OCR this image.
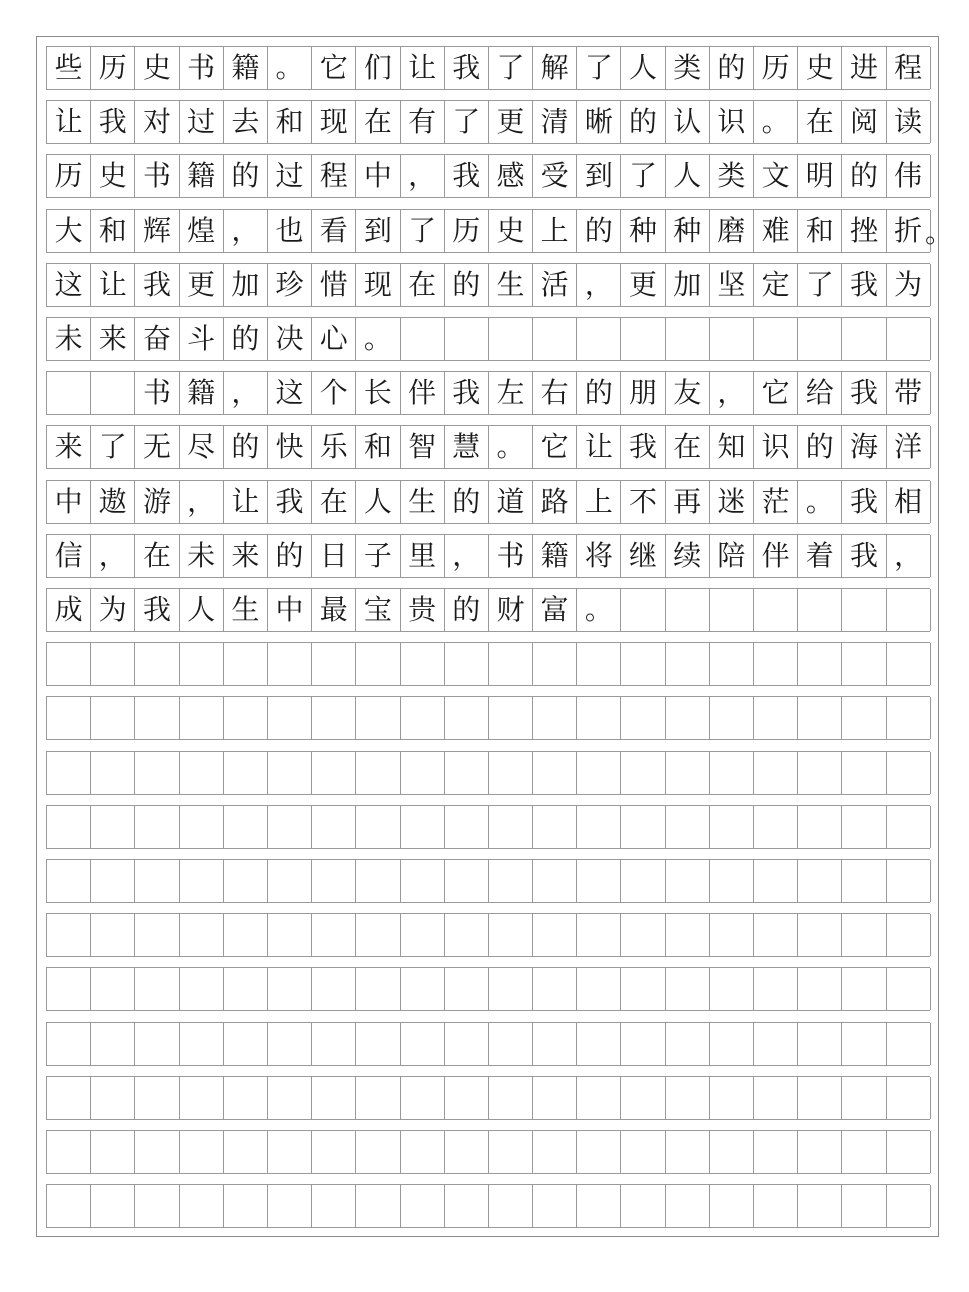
些 历 史 书 籍 。 它 们 让 我 了 解 了 人 类 的 历 史 进 程
让 我 对 过 去 和 现 在 有 了 更 清 晰 的 认 识 。 在 阅 读
历 史 书 籍 的 过 程 中 ， 我 感 受 到 了 人 类 文 明 的 伟
大 和 辉 煌 ， 也 看 到 了 历 史 上 的 种 种 磨 难 和 挫 折 。
这 让 我 更 加 珍 惜 现 在 的 生 活 ， 更 加 坚 定 了 我 为
未 来 奋 斗 的 决 心 。
书 籍 ， 这 个 长 伴 我 左 右 的 朋 友 ， 它 给 我 带
来 了 无 尽 的 快 乐 和 智 慧 。 它 让 我 在 知 识 的 海 洋
中 遨 游 ， 让 我 在 人 生 的 道 路 上 不 再 迷 茫 。 我 相
信 ， 在 未 来 的 日 子 里 ， 书 籍 将 继 续 陪 伴 着 我 ，
成 为 我 人 生 中 最 宝 贵 的 财 富 。
